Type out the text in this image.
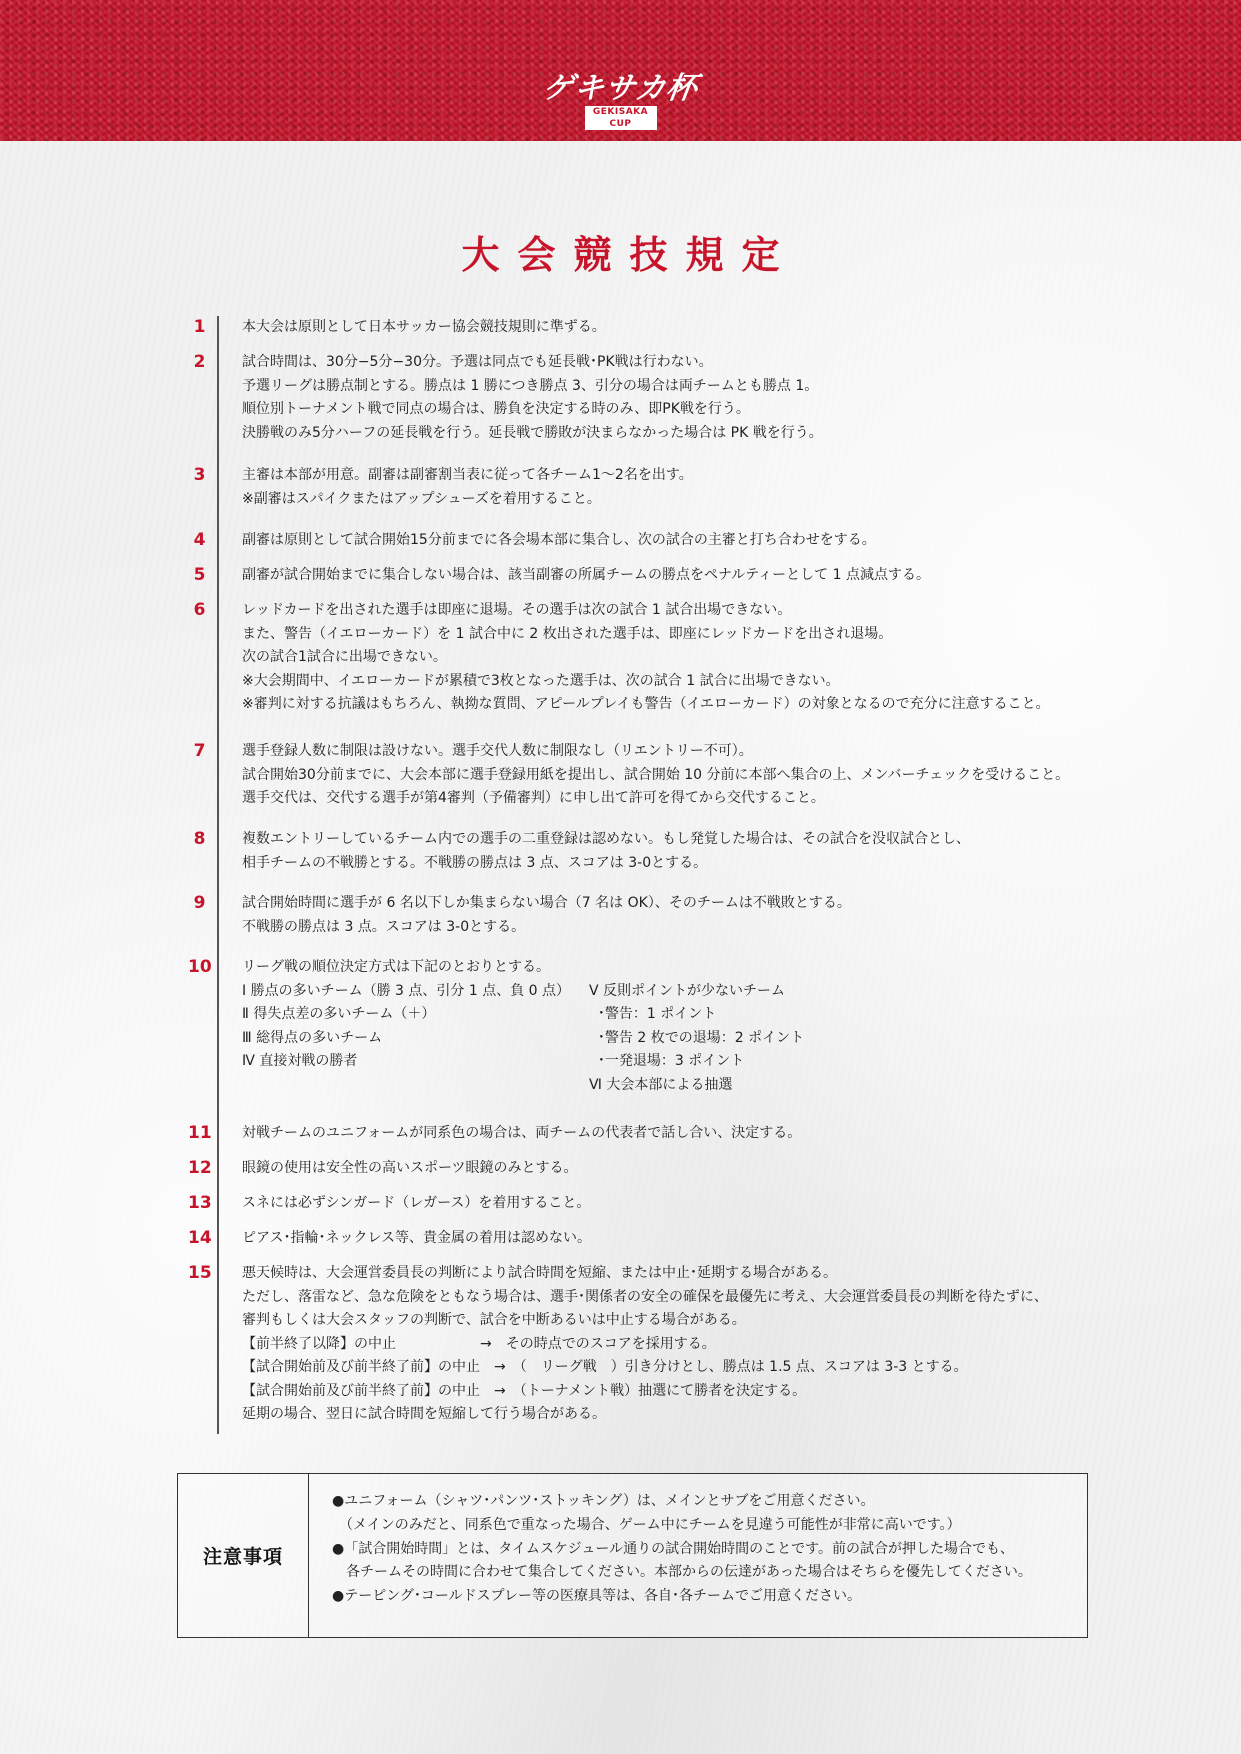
ゲキサカ杯
GEKISAKA CUP
大会競技規定
1	本大会は原則として日本サッカー協会競技規則に準ずる。
2	試合時間は、30分−5分−30分。予選は同点でも延長戦･PK戦は行わない。
予選リーグは勝点制とする。勝点は 1 勝につき勝点 3、引分の場合は両チームとも勝点 1。
順位別トーナメント戦で同点の場合は、勝負を決定する時のみ、即PK戦を行う。
決勝戦のみ5分ハーフの延長戦を行う。延長戦で勝敗が決まらなかった場合は PK 戦を行う。
3	主審は本部が用意。副審は副審割当表に従って各チーム1〜2名を出す。
※副審はスパイクまたはアップシューズを着用すること。
4	副審は原則として試合開始15分前までに各会場本部に集合し、次の試合の主審と打ち合わせをする。
5	副審が試合開始までに集合しない場合は、該当副審の所属チームの勝点をペナルティーとして 1 点減点する。
6	レッドカードを出された選手は即座に退場。その選手は次の試合 1 試合出場できない。
また、警告（イエローカード）を 1 試合中に 2 枚出された選手は、即座にレッドカードを出され退場。
次の試合1試合に出場できない。
※大会期間中、イエローカードが累積で3枚となった選手は、次の試合 1 試合に出場できない。
※審判に対する抗議はもちろん、執拗な質問、アピールプレイも警告（イエローカード）の対象となるので充分に注意すること。
7	選手登録人数に制限は設けない。選手交代人数に制限なし（リエントリー不可）。
試合開始30分前までに、大会本部に選手登録用紙を提出し、試合開始 10 分前に本部へ集合の上、メンバーチェックを受けること。
選手交代は、交代する選手が第4審判（予備審判）に申し出て許可を得てから交代すること。
8	複数エントリーしているチーム内での選手の二重登録は認めない。もし発覚した場合は、その試合を没収試合とし、
相手チームの不戦勝とする。不戦勝の勝点は 3 点、スコアは 3-0とする。
9	試合開始時間に選手が 6 名以下しか集まらない場合（7 名は OK）、そのチームは不戦敗とする。
不戦勝の勝点は 3 点。スコアは 3-0とする。
10 リーグ戦の順位決定方式は下記のとおりとする。
Ⅰ 勝点の多いチーム（勝 3 点、引分 1 点、負 0 点）
Ⅱ 得失点差の多いチーム（＋）
Ⅲ 総得点の多いチーム
Ⅳ 直接対戦の勝者
Ⅴ 反則ポイントが少ないチーム
･警告：1 ポイント
･警告 2 枚での退場：2 ポイント
･一発退場：3 ポイント
Ⅵ 大会本部による抽選
11 対戦チームのユニフォームが同系色の場合は、両チームの代表者で話し合い、決定する。
12 眼鏡の使用は安全性の高いスポーツ眼鏡のみとする。
13 スネには必ずシンガード（レガース）を着用すること。
14 ピアス･指輪･ネックレス等、貴金属の着用は認めない。
15 悪天候時は、大会運営委員長の判断により試合時間を短縮、または中止･延期する場合がある。
ただし、落雷など、急な危険をともなう場合は、選手･関係者の安全の確保を最優先に考え、大会運営委員長の判断を待たずに、
審判もしくは大会スタッフの判断で、試合を中断あるいは中止する場合がある。
【前半終了以降】の中止　　　　　　→　その時点でのスコアを採用する。
【試合開始前及び前半終了前】の中止　→　（　リーグ戦　）引き分けとし、勝点は 1.5 点、スコアは 3-3 とする。
【試合開始前及び前半終了前】の中止　→　（トーナメント戦）抽選にて勝者を決定する。
延期の場合、翌日に試合時間を短縮して行う場合がある。
注意事項
●ユニフォーム（シャツ･パンツ･ストッキング）は、メインとサブをご用意ください。
　（メインのみだと、同系色で重なった場合、ゲーム中にチームを見違う可能性が非常に高いです。）
●「試合開始時間」とは、タイムスケジュール通りの試合開始時間のことです。前の試合が押した場合でも、
　各チームその時間に合わせて集合してください。本部からの伝達があった場合はそちらを優先してください。
●テーピング･コールドスプレー等の医療具等は、各自･各チームでご用意ください。
